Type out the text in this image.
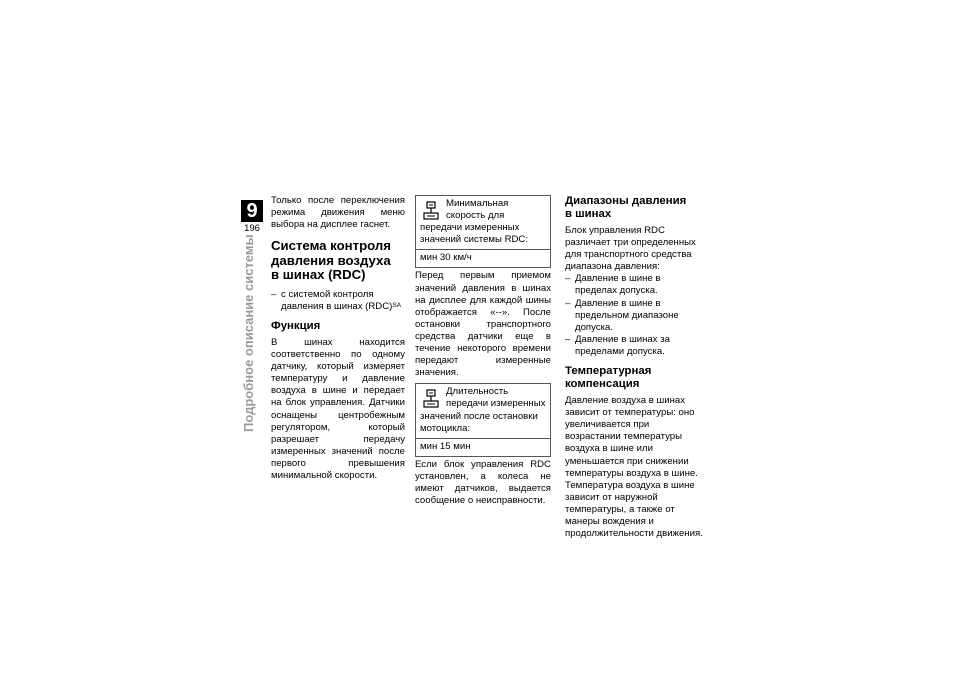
9
196
Подробное описание системы

Только после переключения режима движения меню выбора на дисплее гаснет.

Система контроля
давления воздуха
в шинах (RDC)
– с системой контроля давления в шинах (RDC)$^{SA}$
Функция

В шинах находится соответственно по одному датчику, который измеряет температуру и давление воздуха в шине и передает на блок управления. Датчики оснащены центробежным регулятором, который разрешает передачу измеренных значений после первого превышения минимальной скорости.

Минимальная скорость для передачи измеренных значений системы RDC:
мин 30 км/ч

Перед первым приемом значений давления в шинах на дисплее для каждой шины отображается «--». После остановки транспортного средства датчики еще в течение некоторого времени передают измеренные значения.

Длительность передачи измеренных значений после остановки мотоцикла:
мин 15 мин

Если блок управления RDC установлен, а колеса не имеют датчиков, выдается сообщение о неисправности.

Диапазоны давления
в шинах

Блок управления RDC различает три определенных для транспортного средства диапазона давления:

– Давление в шине в пределах допуска.
– Давление в шине в предельном диапазоне допуска.
– Давление в шинах за пределами допуска.
Температурная
компенсация

Давление воздуха в шинах зависит от температуры: оно увеличивается при возрастании температуры воздуха в шине или уменьшается при снижении температуры воздуха в шине. Температура воздуха в шине зависит от наружной температуры, а также от манеры вождения и продолжительности движения.
